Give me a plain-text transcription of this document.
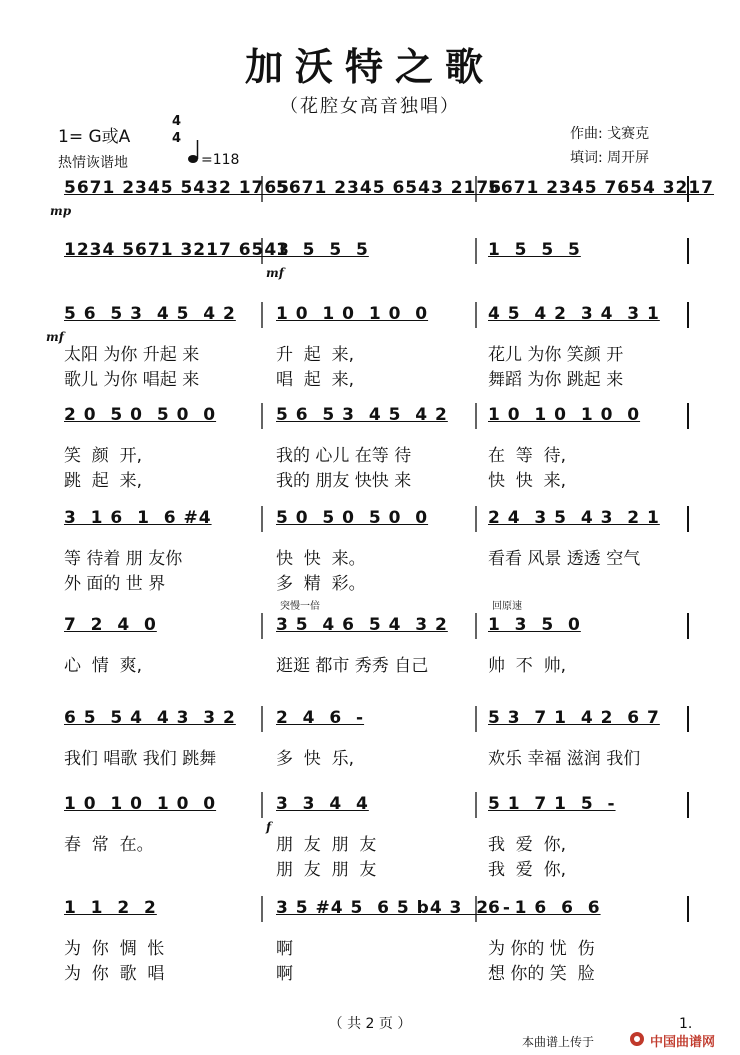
加沃特之歌
（花腔女高音独唱）
1= G或A
4
4
热情诙谐地	=118
作曲: 戈赛克
填词: 周开屏
5671 2345 5432 1765
5671 2345 6543 2176
5671 2345 7654 3217
mp
1234 5671 3217 6543
1  5  5  5	1  5  5  5
mf
5 6  5 3  4 5  4 2
太阳 为你 升起 来
歌儿 为你 唱起 来
1 0  1 0  1 0  0
升  起  来,
唱  起  来,
4 5  4 2  3 4  3 1
花儿 为你 笑颜 开
舞蹈 为你 跳起 来
mf
2 0  5 0  5 0  0
笑  颜  开,
跳  起  来,
5 6  5 3  4 5  4 2
我的 心儿 在等 待
我的 朋友 快快 来
1 0  1 0  1 0  0
在  等  待,
快  快  来,
3  1 6  1  6 #4
等 待着 朋 友你
外 面的 世 界
5 0  5 0  5 0  0
快  快  来。
多  精  彩。
2 4  3 5  4 3  2 1
看看 风景 透透 空气
7  2  4  0
心  情  爽,
3 5  4 6  5 4  3 2
逛逛 都市 秀秀 自己
突慢一倍
1  3  5  0
帅  不  帅,
回原速
6 5  5 4  4 3  3 2
我们 唱歌 我们 跳舞
2  4  6  -
多  快  乐,
5 3  7 1  4 2  6 7
欢乐 幸福 滋润 我们
1 0  1 0  1 0  0
春  常  在。
3  3  4  4
朋  友  朋  友
朋  友  朋  友
5 1  7 1  5  -
我  爱  你,
我  爱  你,
f
1  1  2  2
为  你  惆  怅
为  你  歌  唱
3 5 #4 5  6 5 b4 3  2  -
啊
啊
6  1 6  6  6
为 你的 忧  伤
想 你的 笑  脸
（ 共 2 页 ）	1.
本曲谱上传于	中国曲谱网
